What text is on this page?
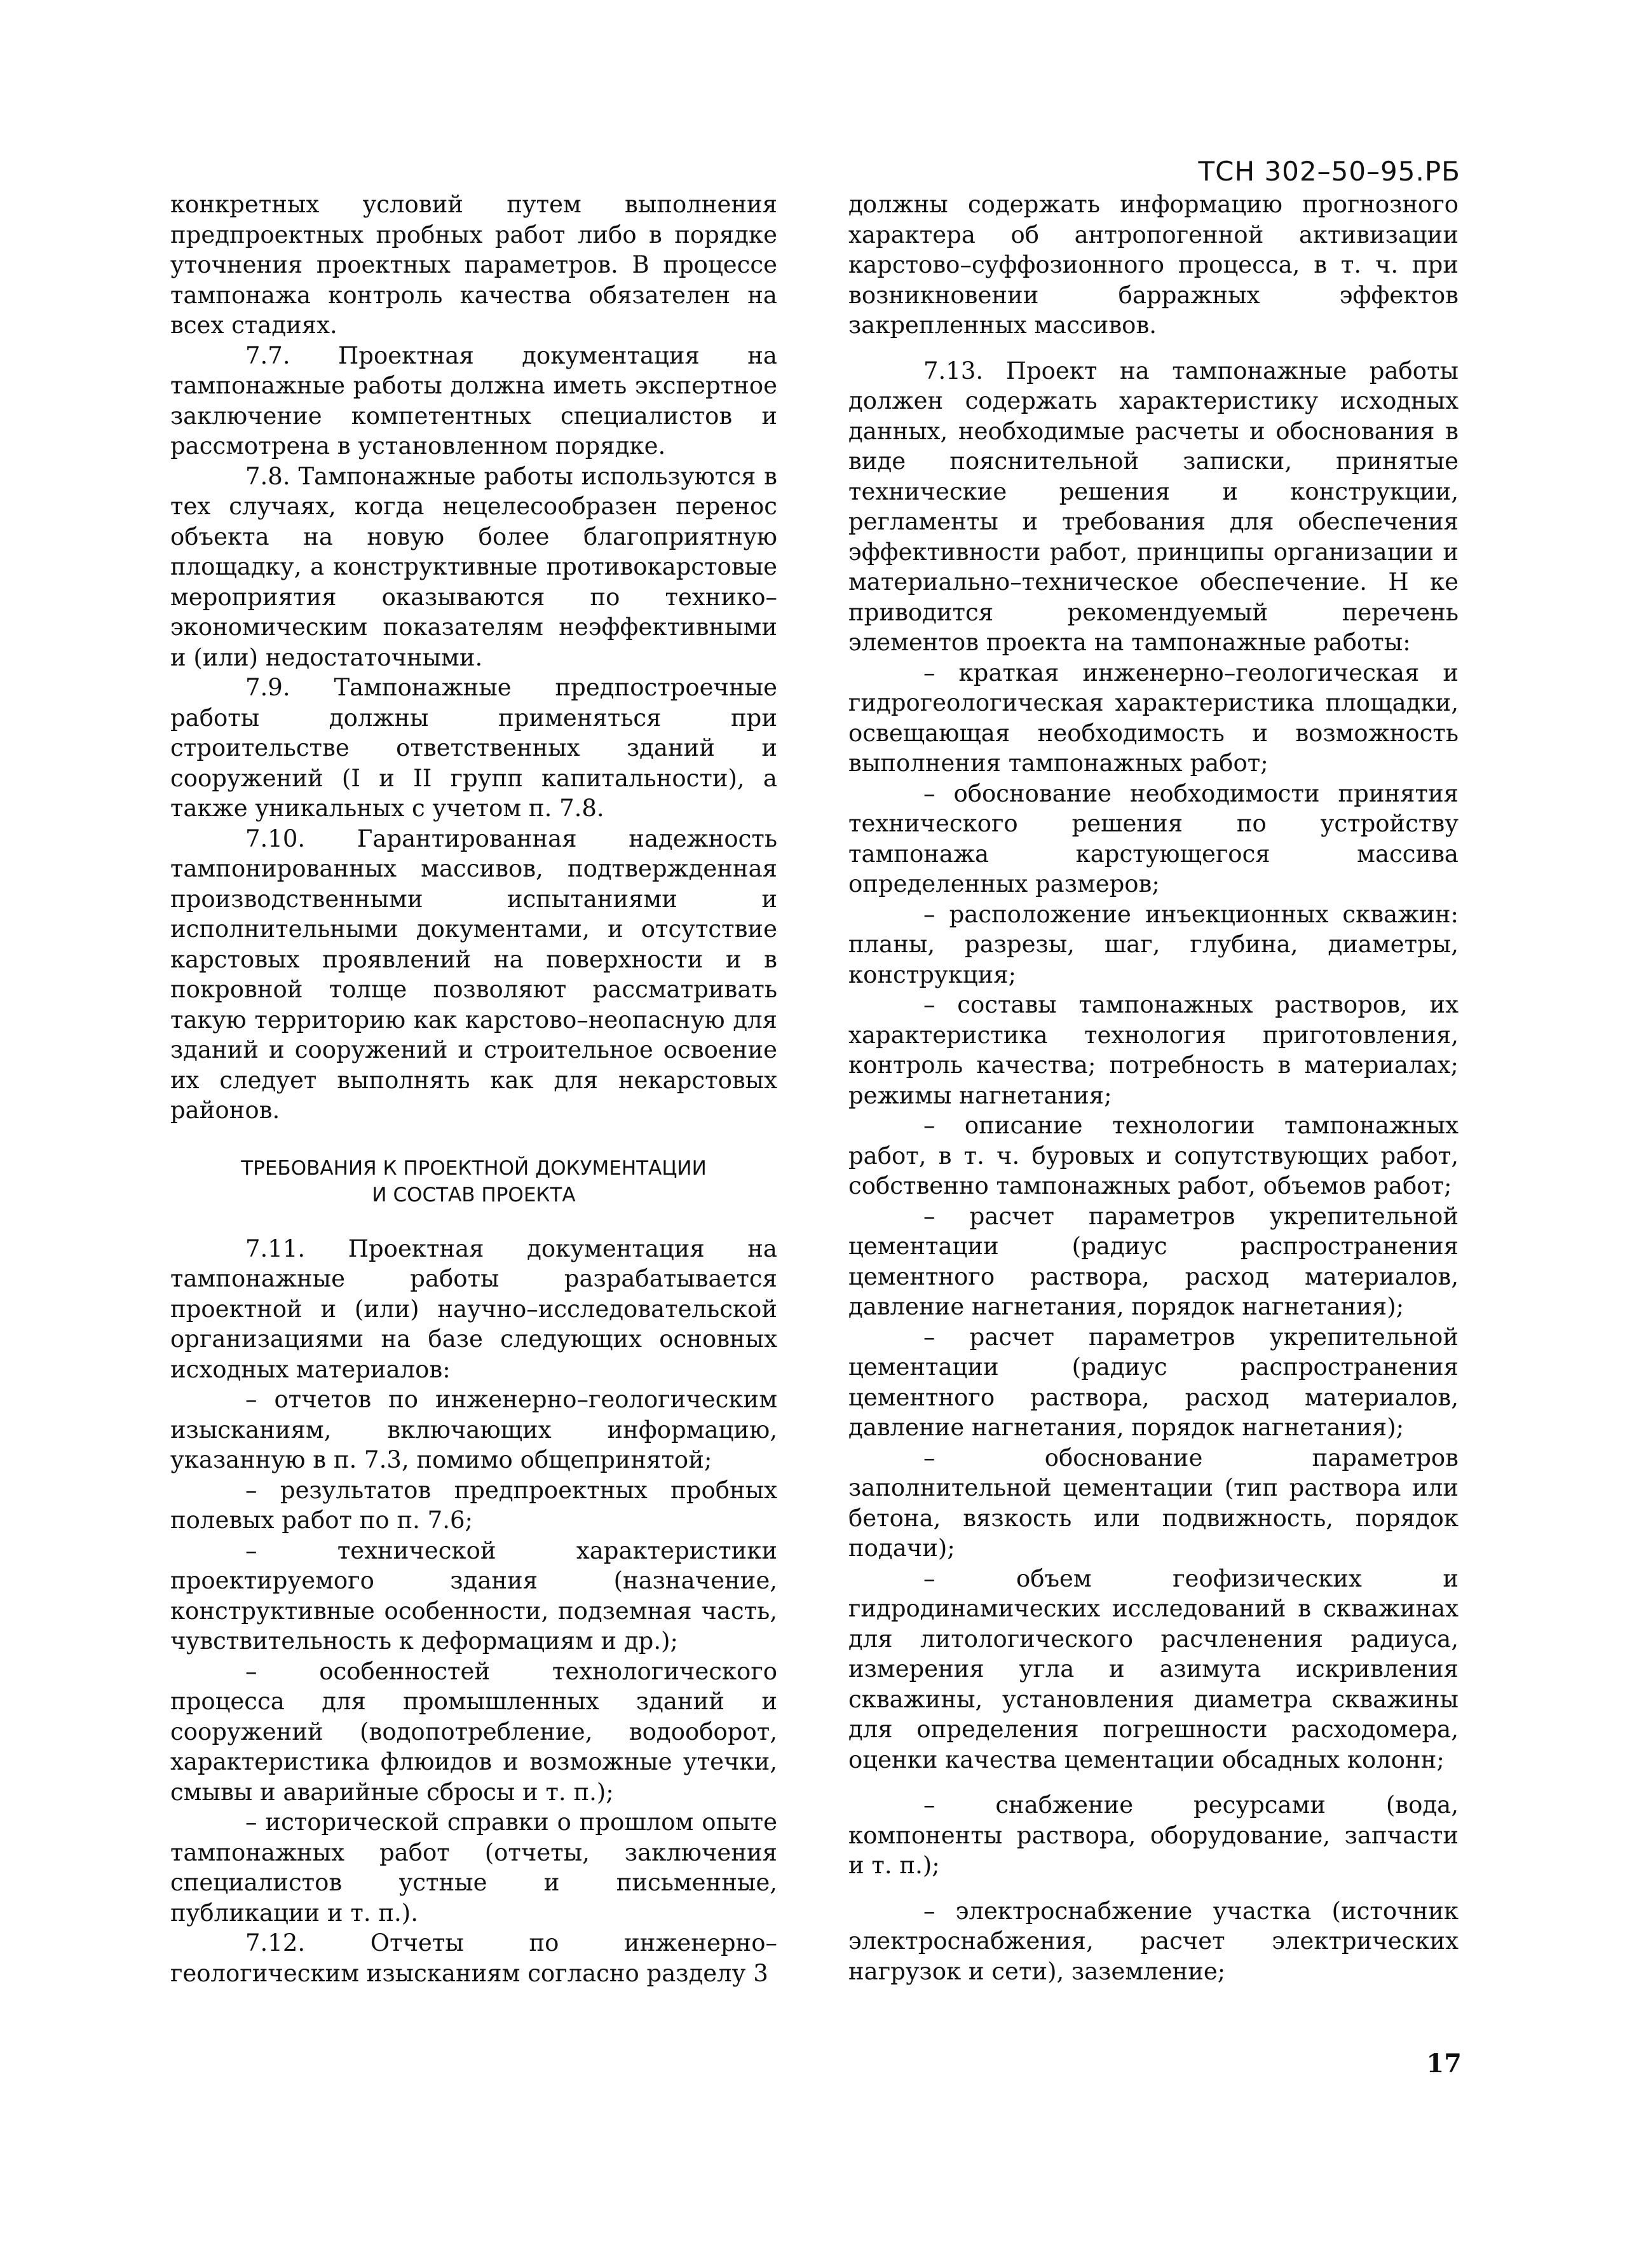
ТСН 302–50–95.РБ

конкретных условий путем выполнения предпроектных пробных работ либо в порядке уточнения проектных параметров. В процессе тампонажа контроль качества обязателен на всех стадиях.

7.7. Проектная документация на тампонажные работы должна иметь экспертное заключение компетентных специалистов и рассмотрена в установленном порядке.

7.8. Тампонажные работы используются в тех случаях, когда нецелесообразен перенос объекта на новую более благоприятную площадку, а конструктивные противокарстовые мероприятия оказываются по технико–экономическим показателям неэффективными и (или) недостаточными.

7.9. Тампонажные предпостроечные работы должны применяться при строительстве ответственных зданий и сооружений (I и II групп капитальности), а также уникальных с учетом п. 7.8.

7.10. Гарантированная надежность тампонированных массивов, подтвержденная производственными испытаниями и исполнительными документами, и отсутствие карстовых проявлений на поверхности и в покровной толще позволяют рассматривать такую территорию как карстово–неопасную для зданий и сооружений и строительное освоение их следует выполнять как для некарстовых районов.

ТРЕБОВАНИЯ К ПРОЕКТНОЙ ДОКУМЕНТАЦИИ
И СОСТАВ ПРОЕКТА

7.11. Проектная документация на тампонажные работы разрабатывается проектной и (или) научно–исследовательской организациями на базе следующих основных исходных материалов:

– отчетов по инженерно–геологическим изысканиям, включающих информацию, указанную в п. 7.3, помимо общепринятой;

– результатов предпроектных пробных полевых работ по п. 7.6;

– технической характеристики проектируемого здания (назначение, конструктивные особенности, подземная часть, чувствительность к деформациям и др.);

– особенностей технологического процесса для промышленных зданий и сооружений (водопотребление, водооборот, характеристика флюидов и возможные утечки, смывы и аварийные сбросы и т. п.);

– исторической справки о прошлом опыте тампонажных работ (отчеты, заключения специалистов устные и письменные, публикации и т. п.).

7.12. Отчеты по инженерно–геологическим изысканиям согласно разделу 3

должны содержать информацию прогнозного характера об антропогенной активизации карстово–суффозионного процесса, в т. ч. при возникновении барражных эффектов закрепленных массивов.

7.13. Проект на тампонажные работы должен содержать характеристику исходных данных, необходимые расчеты и обоснования в виде пояснительной записки, принятые технические решения и конструкции, регламенты и требования для обеспечения эффективности работ, принципы организации и материально–техническое обеспечение. Н ке приводится рекомендуемый перечень элементов проекта на тампонажные работы:

– краткая инженерно–геологическая и гидрогеологическая характеристика площадки, освещающая необходимость и возможность выполнения тампонажных работ;

– обоснование необходимости принятия технического решения по устройству тампонажа карстующегося массива определенных размеров;

– расположение инъекционных скважин: планы, разрезы, шаг, глубина, диаметры, конструкция;

– составы тампонажных растворов, их характеристика технология приготовления, контроль качества; потребность в материалах; режимы нагнетания;

– описание технологии тампонажных работ, в т. ч. буровых и сопутствующих работ, собственно тампонажных работ, объемов работ;

– расчет параметров укрепительной цементации (радиус распространения цементного раствора, расход материалов, давление нагнетания, порядок нагнетания);

– расчет параметров укрепительной цементации (радиус распространения цементного раствора, расход материалов, давление нагнетания, порядок нагнетания);

– обоснование параметров заполнительной цементации (тип раствора или бетона, вязкость или подвижность, порядок подачи);

– объем геофизических и гидродинамических исследований в скважинах для литологического расчленения радиуса, измерения угла и азимута искривления скважины, установления диаметра скважины для определения погрешности расходомера, оценки качества цементации обсадных колонн;

– снабжение ресурсами (вода, компоненты раствора, оборудование, запчасти и т. п.);

– электроснабжение участка (источник электроснабжения, расчет электрических нагрузок и сети), заземление;

17
